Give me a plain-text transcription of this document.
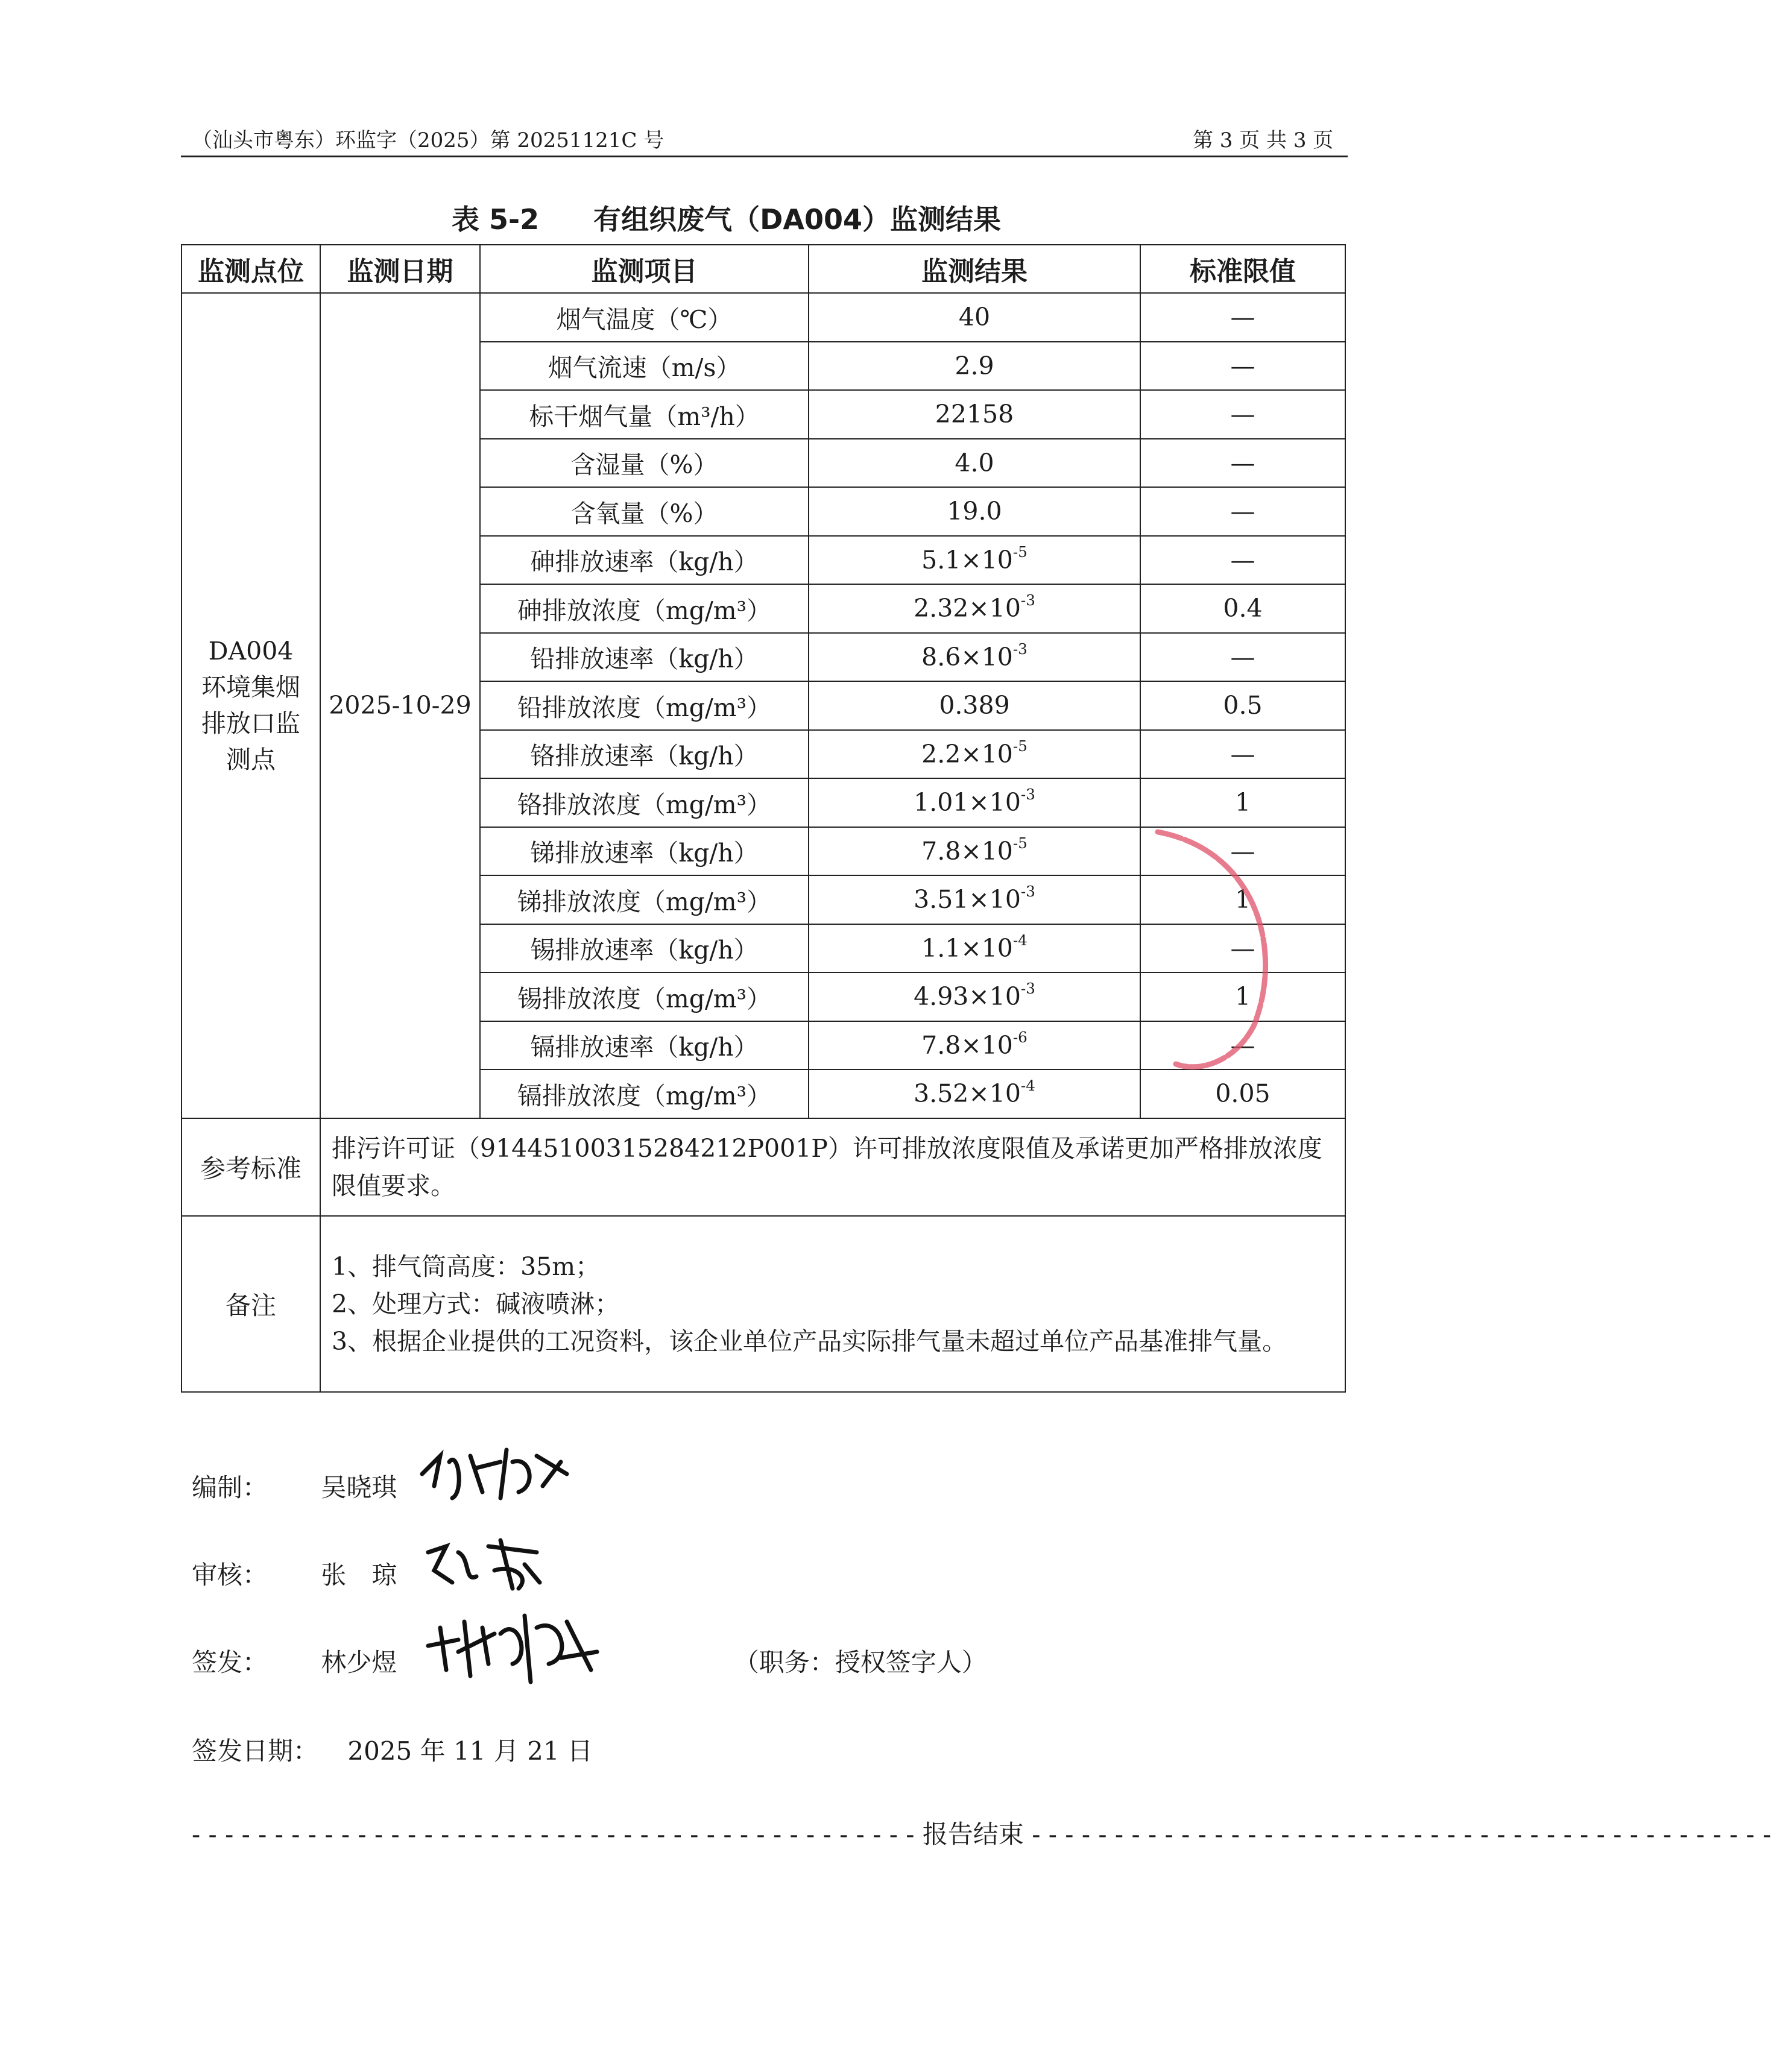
（汕头市粤东）环监字（2025）第 20251121C 号	第 3 页 共 3 页
表 5-2 有组织废气（DA004）监测结果
监测点位	监测日期	监测项目	监测结果	标准限值

DA004
环境集烟
排放口监
测点	2025-10-29	烟气温度（℃）	40	—
		烟气流速（m/s）	2.9	—
		标干烟气量（m³/h）	22158	—
		含湿量（%）	4.0	—
		含氧量（%）	19.0	—
		砷排放速率（kg/h）	$5.1\times 10^{-5}$	—
		砷排放浓度（mg/m³）	$2.32\times 10^{-3}$	0.4
		铅排放速率（kg/h）	$8.6\times 10^{-3}$	—
		铅排放浓度（mg/m³）	0.389	0.5
		铬排放速率（kg/h）	$2.2\times 10^{-5}$	—
		铬排放浓度（mg/m³）	$1.01\times 10^{-3}$	1
		锑排放速率（kg/h）	$7.8\times 10^{-5}$	—
		锑排放浓度（mg/m³）	$3.51\times 10^{-3}$	1
		锡排放速率（kg/h）	$1.1\times 10^{-4}$	—
		锡排放浓度（mg/m³）	$4.93\times 10^{-3}$	1
		镉排放速率（kg/h）	$7.8\times 10^{-6}$	—
		镉排放浓度（mg/m³）	$3.52\times 10^{-4}$	0.05
参考标准	排污许可证（91445100315284212P001P）许可排放浓度限值及承诺更加严格排放浓度限值要求。			
备注	1、排气筒高度：35m；
2、处理方式：碱液喷淋；
3、根据企业提供的工况资料，该企业单位产品实际排气量未超过单位产品基准排气量。			
编制： 吴晓琪
审核： 张　琼
签发： 林少煜	（职务：授权签字人）
签发日期： 2025 年 11 月 21 日
- - - - - - - - - - - - - - - - - - - - - - - - - - - - - - - - - - - - - - - - - - - - 报告结束 - - - - - - - - - - - - - - - - - - - - - - - - - - - - - - - - - - - - - - - - - - - - -
